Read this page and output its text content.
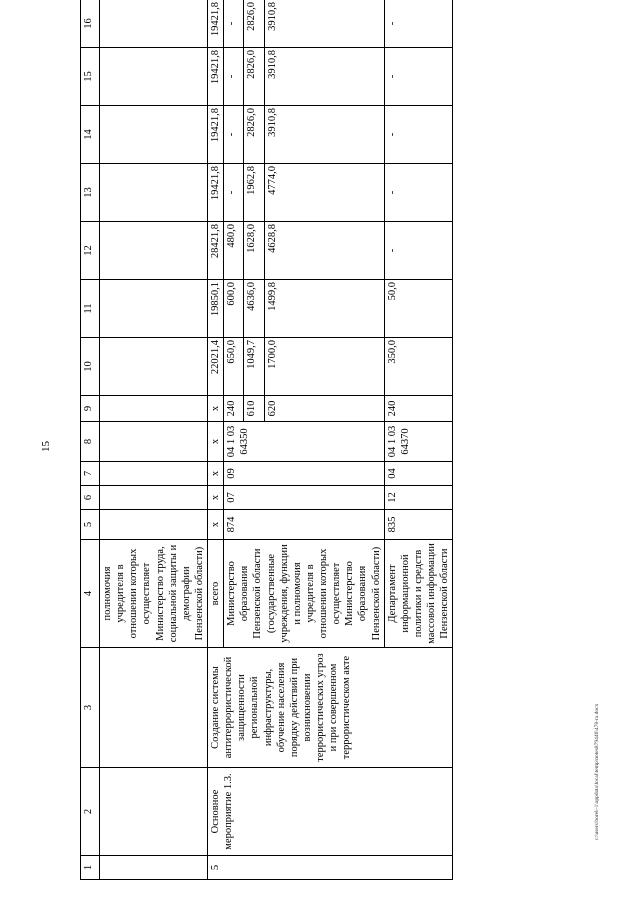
15
1	2	3	4	5	6	7	8	9	10	11	12	13	14	15	16
			полномочия учредителя в отношении которых осуществляет Министерство труда, социальной защиты и демографии Пензенской области)												
5	Основное мероприятие 1.3.	Создание системы антитеррористической защищенности региональной инфраструктуры, обучение населения порядку действий при возникновении террористических угроз и при совершенном террористическом акте	всего	x	x	x	x	x	22021,4	19850,1	28421,8	19421,8	19421,8	19421,8	19421,8
			Министерство образования Пензенской области (государственные учреждения, функции и полномочия учредителя в отношении которых осуществляет Министерство образования Пензенской области)	874	07	09	04 1 03 64350	240	650,0	600,0	480,0	-	-	-	-
								610	1049,7	4636,0	1628,0	1962,8	2826,0	2826,0	2826,0
								620	1700,0	1499,8	4628,8	4774,0	3910,8	3910,8	3910,8
			Департамент информационной политики и средств массовой информации Пензенской области	835	12	04	04 1 03 64370	240	350,0	50,0	-	-	-	-	-
c:\users\borel~1\appdata\local\temp\notes879446\478-ra.docx
